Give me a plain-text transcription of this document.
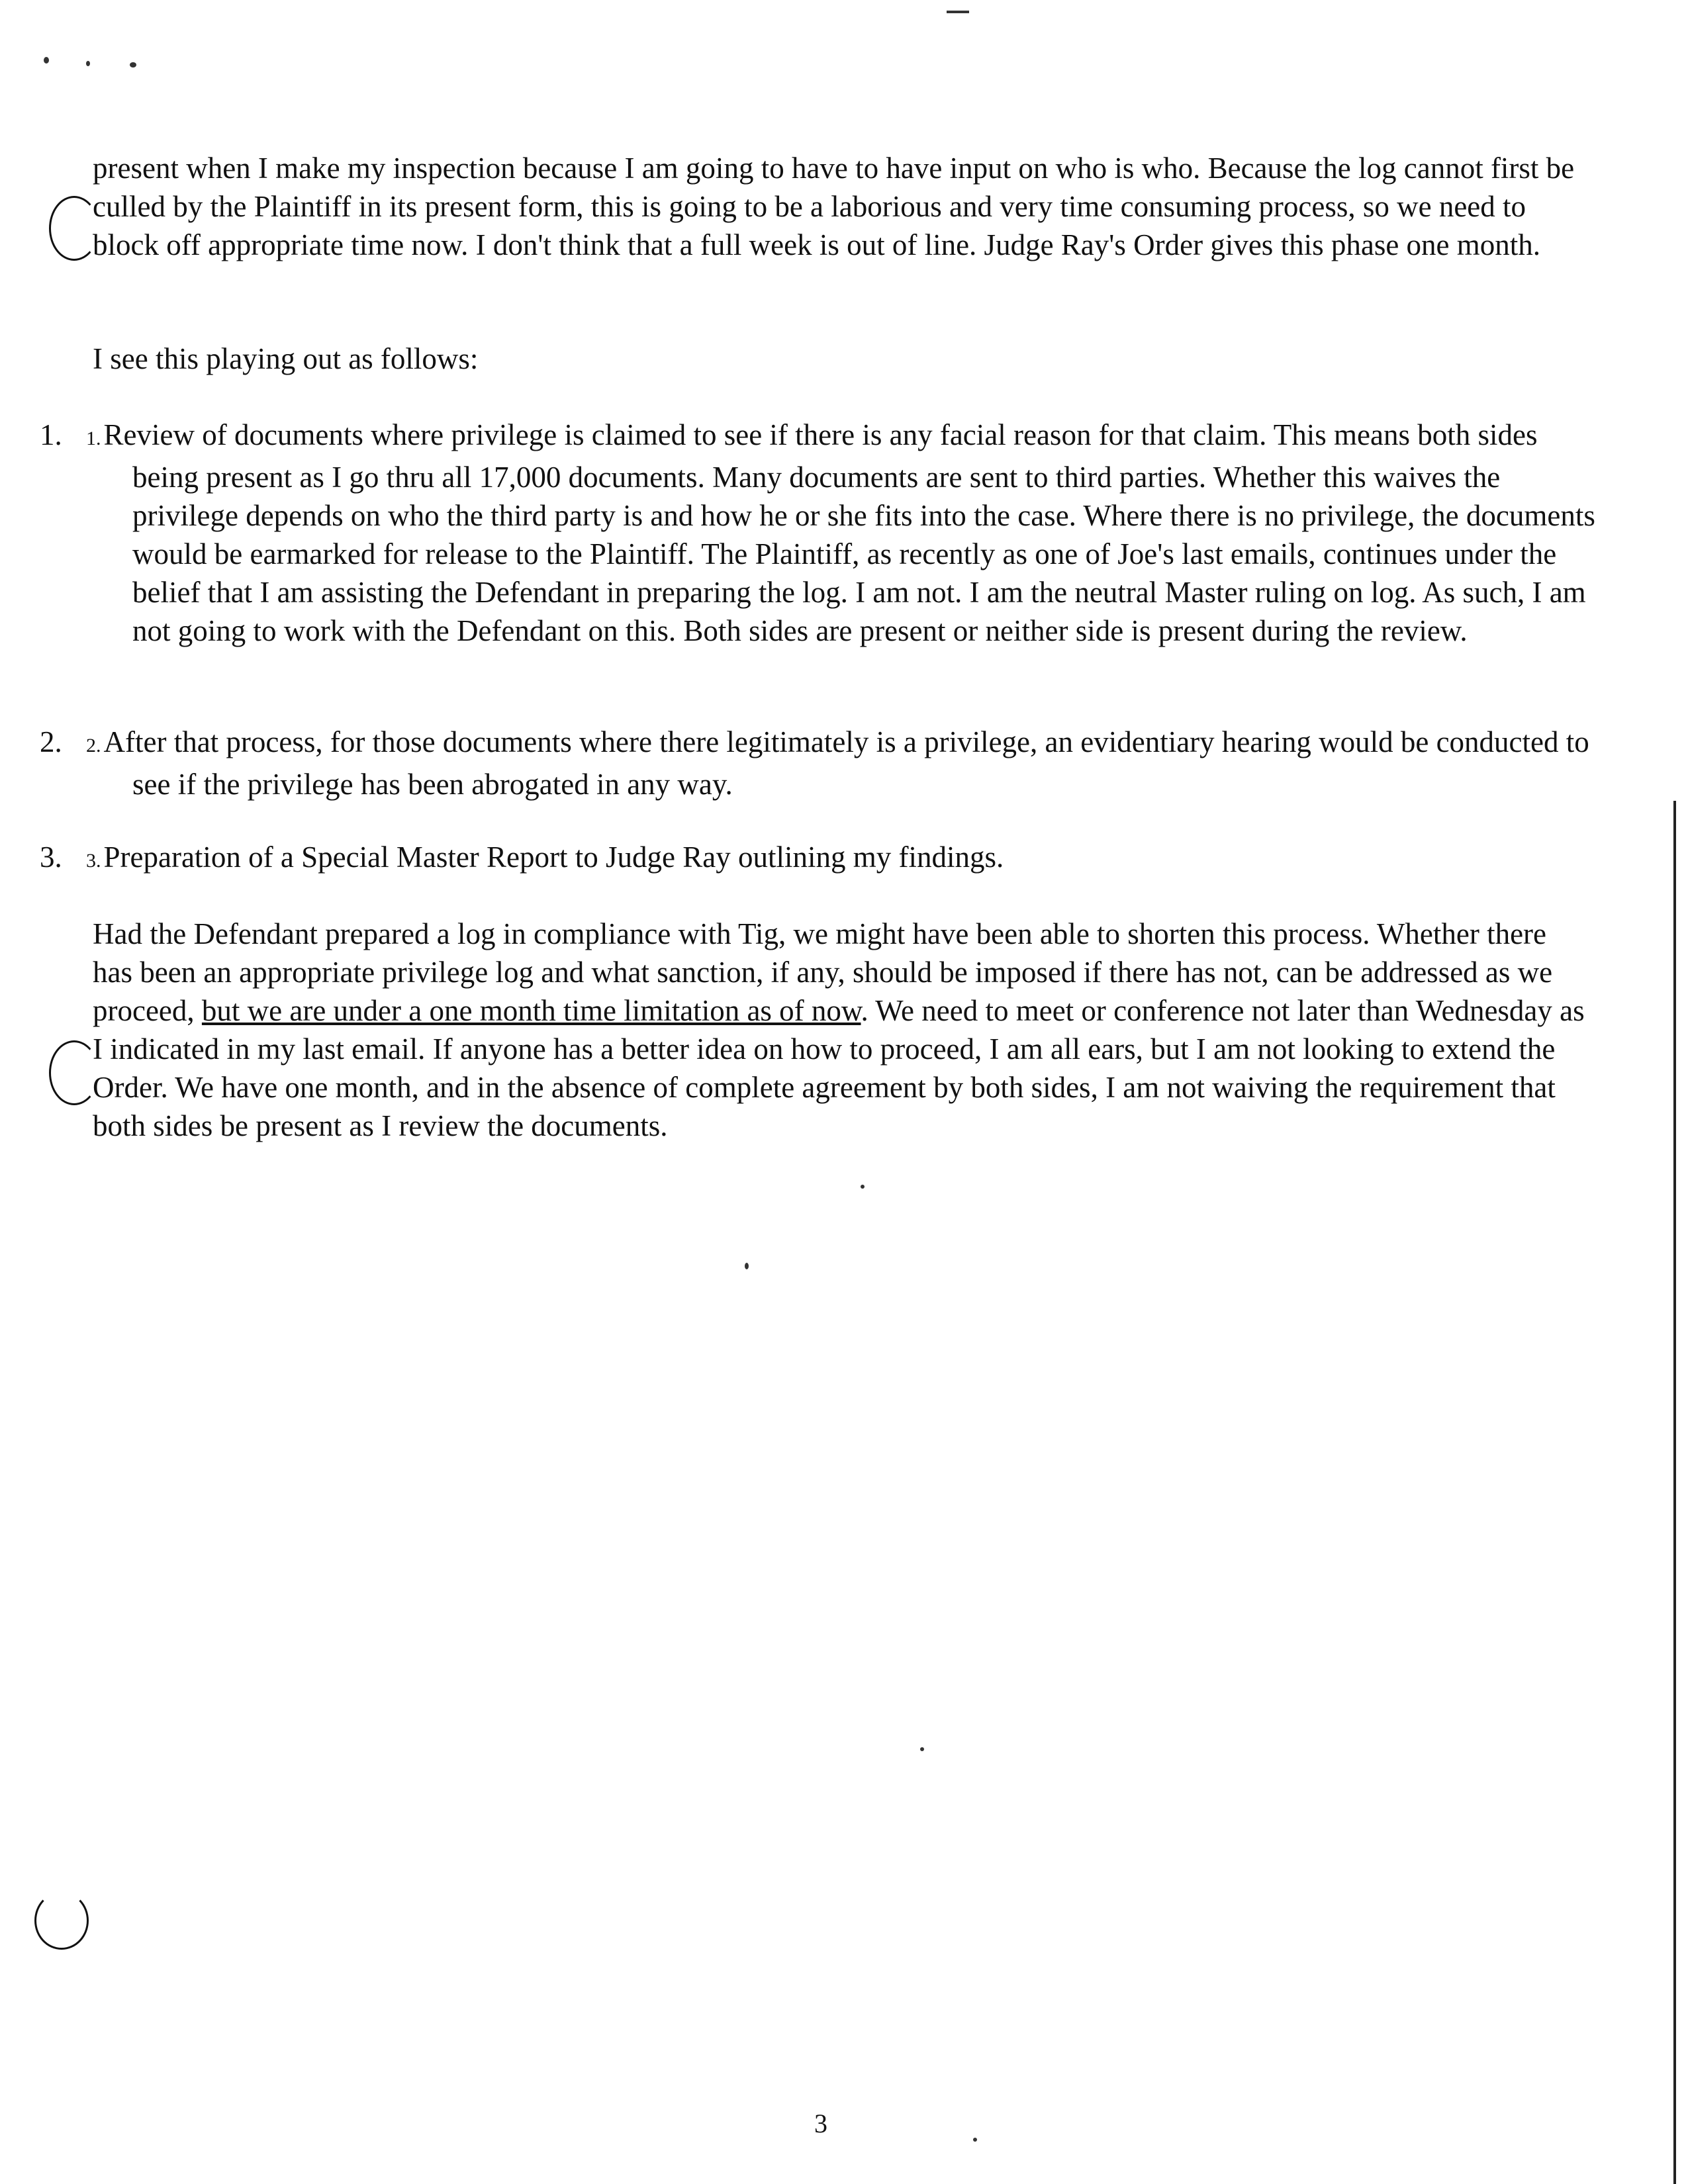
present when I make my inspection because I am going to have to have input on who is who. Because the log cannot first be culled by the Plaintiff in its present form, this is going to be a laborious and very time consuming process, so we need to block off appropriate time now. I don't think that a full week is out of line. Judge Ray's Order gives this phase one month.
I see this playing out as follows:
1.	1.Review of documents where privilege is claimed to see if there is any facial reason for that claim. This means both sides being present as I go thru all 17,000 documents. Many documents are sent to third parties. Whether this waives the privilege depends on who the third party is and how he or she fits into the case. Where there is no privilege, the documents would be earmarked for release to the Plaintiff. The Plaintiff, as recently as one of Joe's last emails, continues under the belief that I am assisting the Defendant in preparing the log. I am not. I am the neutral Master ruling on log. As such, I am not going to work with the Defendant on this. Both sides are present or neither side is present during the review.
2.	2.After that process, for those documents where there legitimately is a privilege, an evidentiary hearing would be conducted to see if the privilege has been abrogated in any way.
3.	3.Preparation of a Special Master Report to Judge Ray outlining my findings.
Had the Defendant prepared a log in compliance with Tig, we might have been able to shorten this process. Whether there has been an appropriate privilege log and what sanction, if any, should be imposed if there has not, can be addressed as we proceed, but we are under a one month time limitation as of now. We need to meet or conference not later than Wednesday as I indicated in my last email. If anyone has a better idea on how to proceed, I am all ears, but I am not looking to extend the Order. We have one month, and in the absence of complete agreement by both sides, I am not waiving the requirement that both sides be present as I review the documents.
3
